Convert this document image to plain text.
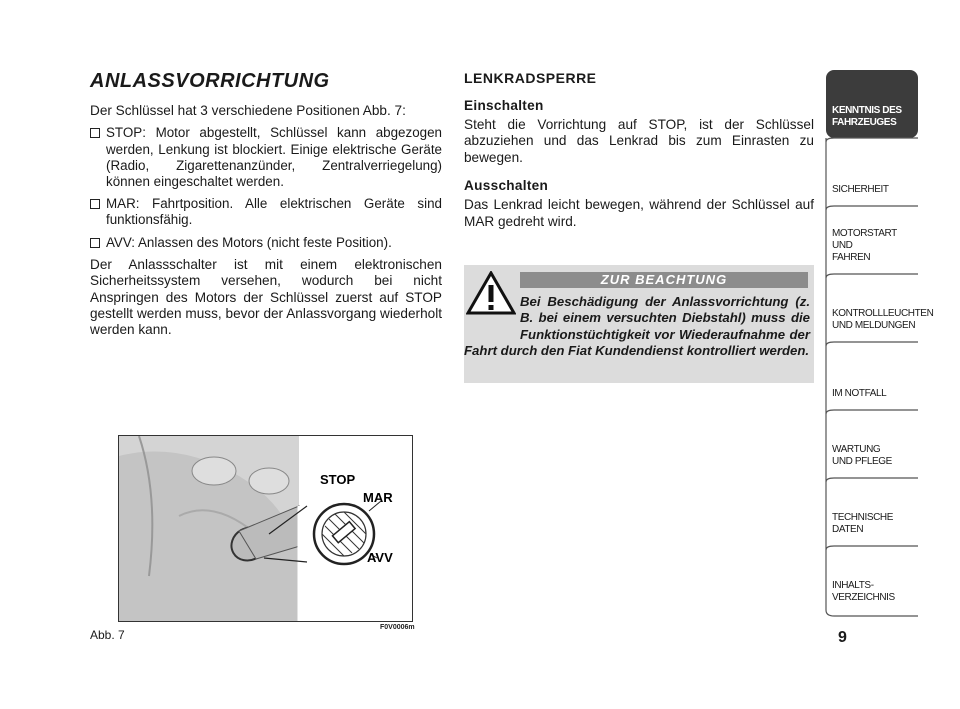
ANLASSVORRICHTUNG
Der Schlüssel hat 3 verschiedene Positionen Abb. 7:
STOP: Motor abgestellt, Schlüssel kann abgezogen werden, Lenkung ist blockiert. Einige elektrische Geräte (Radio, Zigarettenanzünder, Zentralverriegelung) können eingeschaltet werden.
MAR: Fahrtposition. Alle elektrischen Geräte sind funktionsfähig.
AVV: Anlassen des Motors (nicht feste Position).
Der Anlassschalter ist mit einem elektronischen Sicherheitssystem versehen, wodurch bei nicht Anspringen des Motors der Schlüssel zuerst auf STOP gestellt werden muss, bevor der Anlassvorgang wiederholt werden kann.
LENKRADSPERRE
Einschalten
Steht die Vorrichtung auf STOP, ist der Schlüssel abzuziehen und das Lenkrad bis zum Einrasten zu bewegen.
Ausschalten
Das Lenkrad leicht bewegen, während der Schlüssel auf MAR gedreht wird.
ZUR BEACHTUNG
Bei Beschädigung der Anlassvorrichtung (z. B. bei einem versuchten Diebstahl) muss die Funktionstüchtigkeit vor Wiederaufnahme der Fahrt durch den Fiat Kundendienst kontrolliert werden.
STOP
MAR
AVV
Abb. 7
F0V0006m
KENNTNIS DES FAHRZEUGES
SICHERHEIT
MOTORSTART UND FAHREN
KONTROLLLEUCHTEN UND MELDUNGEN
IM NOTFALL
WARTUNG UND PFLEGE
TECHNISCHE DATEN
INHALTS-VERZEICHNIS
9
